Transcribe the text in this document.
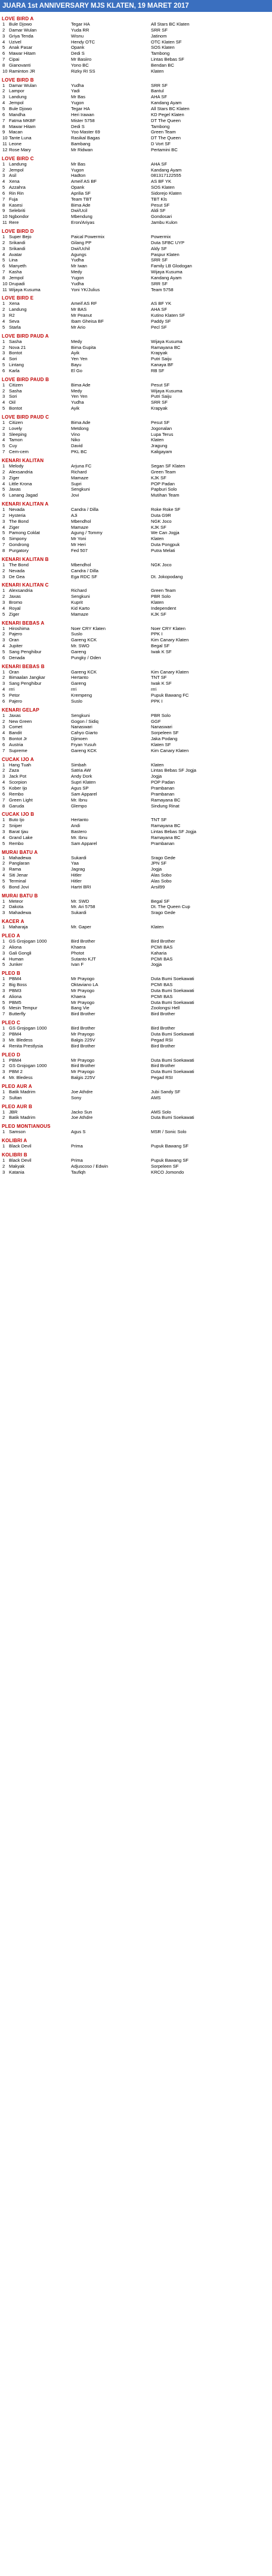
JUARA 1st ANNIVERSARY MJS KLATEN, 19 MARET 2017
LOVE BIRD A
1 Bule Djowo	Tegar HA	All Stars BC Klaten
2 Damar Wulan	Yuda RR	SRR SF
3 Griya Tenda	Wisnu	Jatinom
4 Uzivel	Hendy OTC	OTC Klaten SF
5 Anak Pasar	Opank	SOS Klaten
6 Mawar Hitam	Dedi S	Tambong
7 Cipai	Mr Basiiro	Lintas Bebas SF
8 Gianovanti	Yono BC	Bendan BC
10 Raminton JR	Rizky RI SS	Klaten
LOVE BIRD B
1 Damar Wulan	Yudha	SRR SF
2 Lampor	Yadi	Bantul
3 Landung	Mr Bas	AHA SF
4 Jempol	Yugon	Kandang Ayam
5 Bule Djowo	Tegar HA	All Stars BC Klaten
6 Mandha	Heri Irawan	KD Pegel Klaten
7 Fatma MKBF	Mister 5758	DT The Queen
8 Mawar Hitam	Dedi S	Tambong
9 Macan	Yoo Master 69	Green Team
10 Tante Luna	Rasikal Bagas	DT The Queen
11 Leone	Bambang	D Vort SF
12 Rose Mary	Mr Ridwan	Pertamini BC
LOVE BIRD C
1 Landung	Mr Bas	AHA SF
2 Jempol	Yugon	Kandang Ayam
3 Asil	Hadton	081317122555
4 Xena	Ameif AS BF	AS BF YK
5 Azzahra	Opank	SOS Klaten
6 Rin Rin	Aprilia SF	Sidorejo Klaten
7 Fuja	Team TBT	TBT Kls
8 Kasesi	Bima Ade	Pesut SF
9 Selebriti	Dwi/Ucil	Aldi SF
10 Ngbondor	Mbendung	Gondosari
11 Rere	Eron/Ariyas	Jambu Kulon
LOVE BIRD D
1 Super Bejo	Paical Powermix	Powermix
2 Srikandi	Gilang PP	Duta SFBC UYP
3 Srikandi	Dwi/Uchil	Aldy SF
4 Avatar	Agungs	Paspur Klaten
5 Lina	Yudha	SRR SF
6 Manyeth	Mr Iwan	Family LB Glodogan
7 Kasha	Medy	Wijaya Kusuma
8 Jempol	Yugon	Kandang Ayam
10 Drupadi	Yudha	SRR SF
11 Wijaya Kusuma	Yoni YK/Julius	Team 5758
LOVE BIRD E
1 Xena	Ameif AS RF	AS BF YK
2 Landung	Mr BAS	AHA SF
3 R2	Mr Peanut	Kutino Klaten SF
4 Seva	Ibam Gheisa BF	Paddy SF
5 Starla	Mr Ario	Pecl SF
LOVE BIRD PAUD A
1 Sasha	Medy	Wijaya Kusuma
2 Nova 21	Bima Gupita	Ramayana BC
3 Bontot	Ayik	Krapyak
4 Sori	Yen Yen	Putri Saiju
5 Lintang	Bayu	Kanaya BF
6 Karla	El Go	RB SF
LOVE BIRD PAUD B
1 Citizen	Bima Ade	Pesut SF
2 Sasha	Medy	Wijaya Kusuma
3 Sori	Yen Yen	Putri Saiju
4 Oiil	Yudha	SRR SF
5 Bontot	Ayik	Krapyak
LOVE BIRD PAUD C
1 Citizen	Bima Ade	Pesut SF
2 Lovely	Metdong	Jogonalan
3 Sleeping	Vino	Lupa Terus
4 Tamon	Niko	Klaten
5 Cuy	David	Jragung
7 Cem-cem	PKL BC	Kaligayam
KENARI KALITAN
1 Melody	Arjuna FC	Segan SF Klaten
2 Alexsandria	Richard	Green Team
3 Ziger	Mamaze	KJK SF
4 Little Krona	Supri	POP Padan
5 Jaxas	Sengkuni	Papburi Solo
6 Lanang Jagad	Jovi	Mutihan Team
KENARI KALITAN A
1 Nevada	Candra / Dilla	Roke Roke SF
2 Hysteria	AJi	Duta G9R
3 The Bond	Mbendhol	NGK Joco
4 Ziger	Mamaze	KJK SF
5 Pamong Coklat	Agung / Tommy	We Can Jogja
6 Simpony	Mr Yoni	Klaten
7 Gondrong	Mr Heri	Duta Pongpuk
8 Purgatory	Fed 507	Putra Melati
KENARI KALITAN B
1 The Bond	Mbendhol	NGK Joco
2 Nevada	Candra / Dilla
3 De Gea	Ega RDC SF	Dt. Jokopodang
KENARI KALITAN C
1 Alexsandria	Richard	Green Team
2 Jaxas	Sengkuni	PBR Solo
3 Bromo	Kuprit	Klaten
4 Royal	Kid Karto	Independent
5 Ziger	Mamaze	KJK SF
KENARI BEBAS A
1 Hiroshima	Noer CRY Klaten	Noer CRY Klaten
2 Pajero	Suslo	PPK I
3 Oran	Gareng KCK	Kim Canary Klaten
4 Jupiter	Mr. SWO	Begal SF
5 Sang Penghibur	Gareng	Iwak K SF
6 Denada	Pungky / Oden
KENARI BEBAS B
1 Oran	Gareng KCK	Kim Canary Klaten
2 Bimaalan Jangkar	Hertanto	TNT SF
3 Sang Penghibur	Gareng	Iwak K SF
4 rrri	rrri	rrri
5 Petor	Krempeng	Pupuk Bawang FC
6 Pajero	Suslo	PPK I
KENARI GELAP
1 Jaxas	Sengkuni	PBR Solo
2 New Green	Gogon / Sidiq	GGF
3 Comet	Nanaswari	Nanaswari
4 Bandit	Cahyo Giarto	Sorpeleen SF
5 Bontot Jr	Djimoen	Jaka Podang
6 Austria	Fryan Yusuh	Klaten SF
7 Supreme	Gareng KCK	Kim Canary Klaten
CUCAK IJO A
1 Hang Tuah	Simbah	Klaten
2 Zaza	Satria AW	Lintas Bebas SF Jogja
3 Jack Pot	Andy Dork	Jogja
4 Scorpion	Supri Klaten	POP Padan
5 Kober Ijo	Agus SP	Prambanan
6 Rembo	Sam Apparel	Prambanan
7 Green Light	Mr. Ibnu	Ramayana BC
8 Garuda	Glempo	Sindung Rinat
CUCAK IJO B
1 Buto Ijo	Hertanto	TNT SF
2 Sniper	Andi	Ramayana BC
3 Barat Ijau	Bastero	Lintas Bebas SF Jogja
4 Grand Lake	Mr. Ibnu	Ramayana BC
5 Rembo	Sam Apparel	Prambanan
MURAI BATU A
1 Mahadewa	Sukardi	Srago Gede
2 Panglaran	Yaa	JPN SF
3 Rama	Jagrag	Jogja
4 Siti Jenar	Hitler	Alas Sobo
5 Terminal	Hitler	Alas Sobo
6 Bond Jovi	Hartri BRI	Arsil99
MURAI BATU B
1 Meteor	Mr. SWD	Begal SF
2 Dakota	Mr. Ari 5758	Dt. The Queen Cup
3 Mahadewa	Sukardi	Srago Gede
KACER A
1 Maharaja	Mr. Gaper	Klaten
PLEO A
1 GS Grojogan 1000	Bird Brother	Bird Brother
2 Aliona	Khaera	PCMI BAS
3 Gali Gongli	Photot	Kaharia
4 Human	Sutanto KJT	PCMI BAS
5 Junker	Ivan F	Jogja
PLEO B
1 PBM4	Mr Prayogo	Duta Bumi Soekawati
2 Big Boss	Oktaviano LA	PCMI BAS
3 PBM3	Mr Prayogo	Duta Bumi Soekawati
4 Aliona	Khaera	PCMI BAS
5 PBM5	Mr Prayogo	Duta Bumi Soekawati
6 Mesin Tempur	Bang Vie	Zoolongsi Hell
7 Butterfly	Bird Brother	Bird Brother
PLEO C
1 GS Grojogan 1000	Bird Brother	Bird Brother
2 PBM4	Mr Prayogo	Duta Bumi Soekawati
3 Mr. Bledess	Balgis 225V	Pegad RSI
4 Renita Prestlysia	Bird Brother	Bird Brother
PLEO D
1 PBM4	Mr Prayogo	Duta Bumi Soekawati
2 GS Grojogan 1000	Bird Brother	Bird Brother
3 PBM 2	Mr Prayogo	Duta Bumi Soekawati
4 Mr. Bledess	Balgis 225V	Pegad RSI
PLEO AUR A
1 Batik Madrim	Joe Athdre	Jubi Sandy SF
2 Sultan	Sony	AMS
PLEO AUR B
1 JBR	Jacko Sun	AMS Solo
2 Batik Madrim	Joe Athdre	Duta Bumi Soekawati
PLEO MONTIANOUS
1 Samson	Agus S	MSR / Sonic Solo
KOLIBRI A
1 Black Devil	Prima	Pupuk Bawang SF
KOLIBRI B
1 Black Devil	Prima	Pupuk Bawang SF
2 Makyak	Adjuscoso / Edwin	Sorpeleen SF
3 Katania	Taufiqh	KRCO Jomondo
